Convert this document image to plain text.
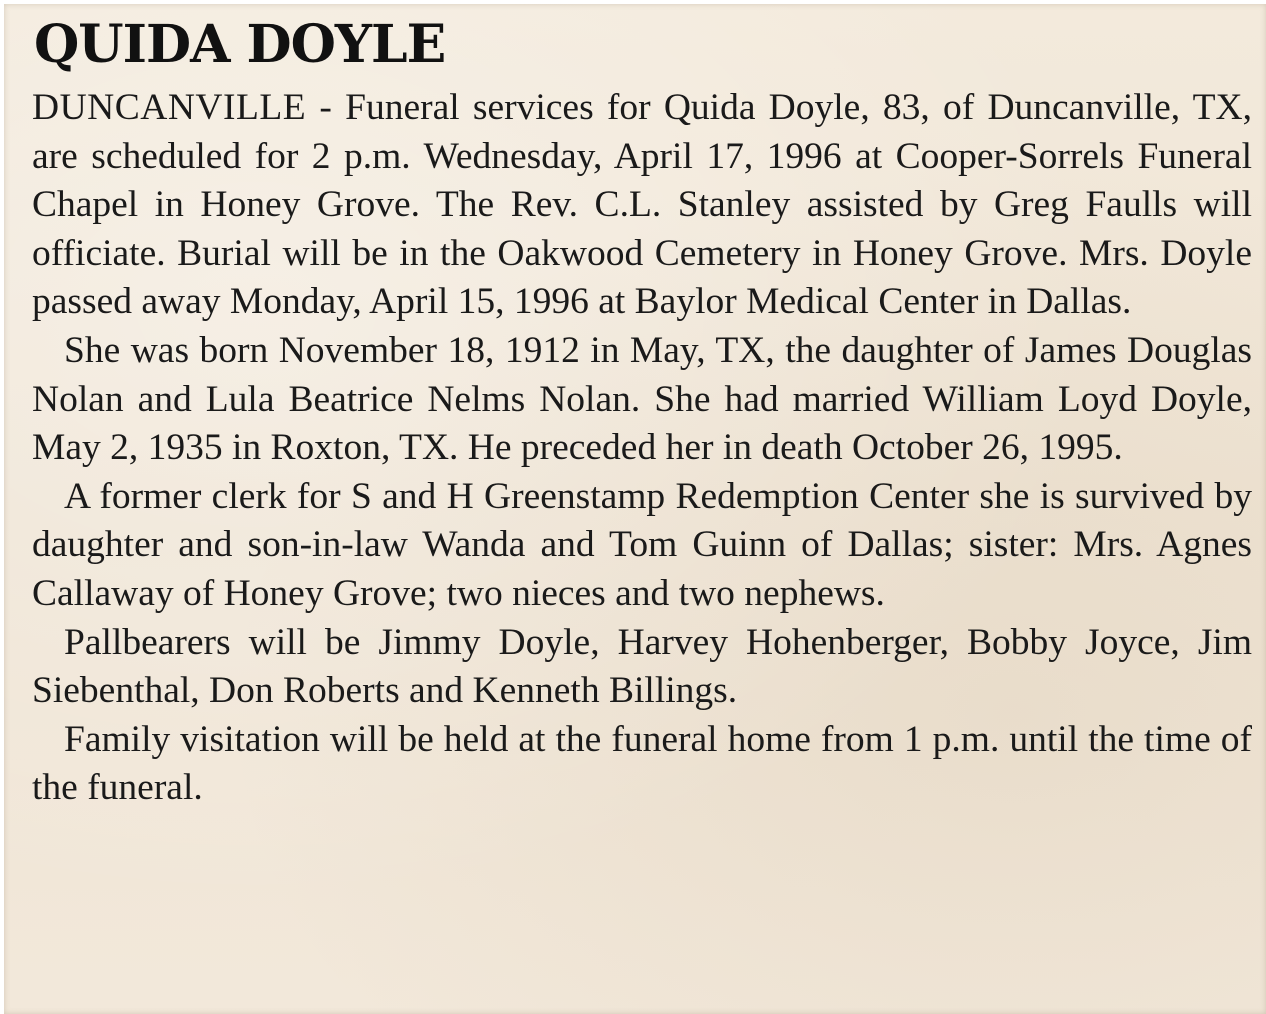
QUIDA DOYLE

DUNCANVILLE - Funeral services for Quida Doyle, 83, of Duncanville, TX, are scheduled for 2 p.m. Wednesday, April 17, 1996 at Cooper-Sorrels Funeral Chapel in Honey Grove. The Rev. C.L. Stanley assisted by Greg Faulls will officiate. Burial will be in the Oakwood Cemetery in Honey Grove. Mrs. Doyle passed away Monday, April 15, 1996 at Baylor Medical Center in Dallas.

She was born November 18, 1912 in May, TX, the daughter of James Douglas Nolan and Lula Beatrice Nelms Nolan. She had married William Loyd Doyle, May 2, 1935 in Roxton, TX. He preceded her in death October 26, 1995.

A former clerk for S and H Greenstamp Redemption Center she is survived by daughter and son-in-law Wanda and Tom Guinn of Dallas; sister: Mrs. Agnes Callaway of Honey Grove; two nieces and two nephews.

Pallbearers will be Jimmy Doyle, Harvey Hohenberger, Bobby Joyce, Jim Siebenthal, Don Roberts and Kenneth Billings.

Family visitation will be held at the funeral home from 1 p.m. until the time of the funeral.
